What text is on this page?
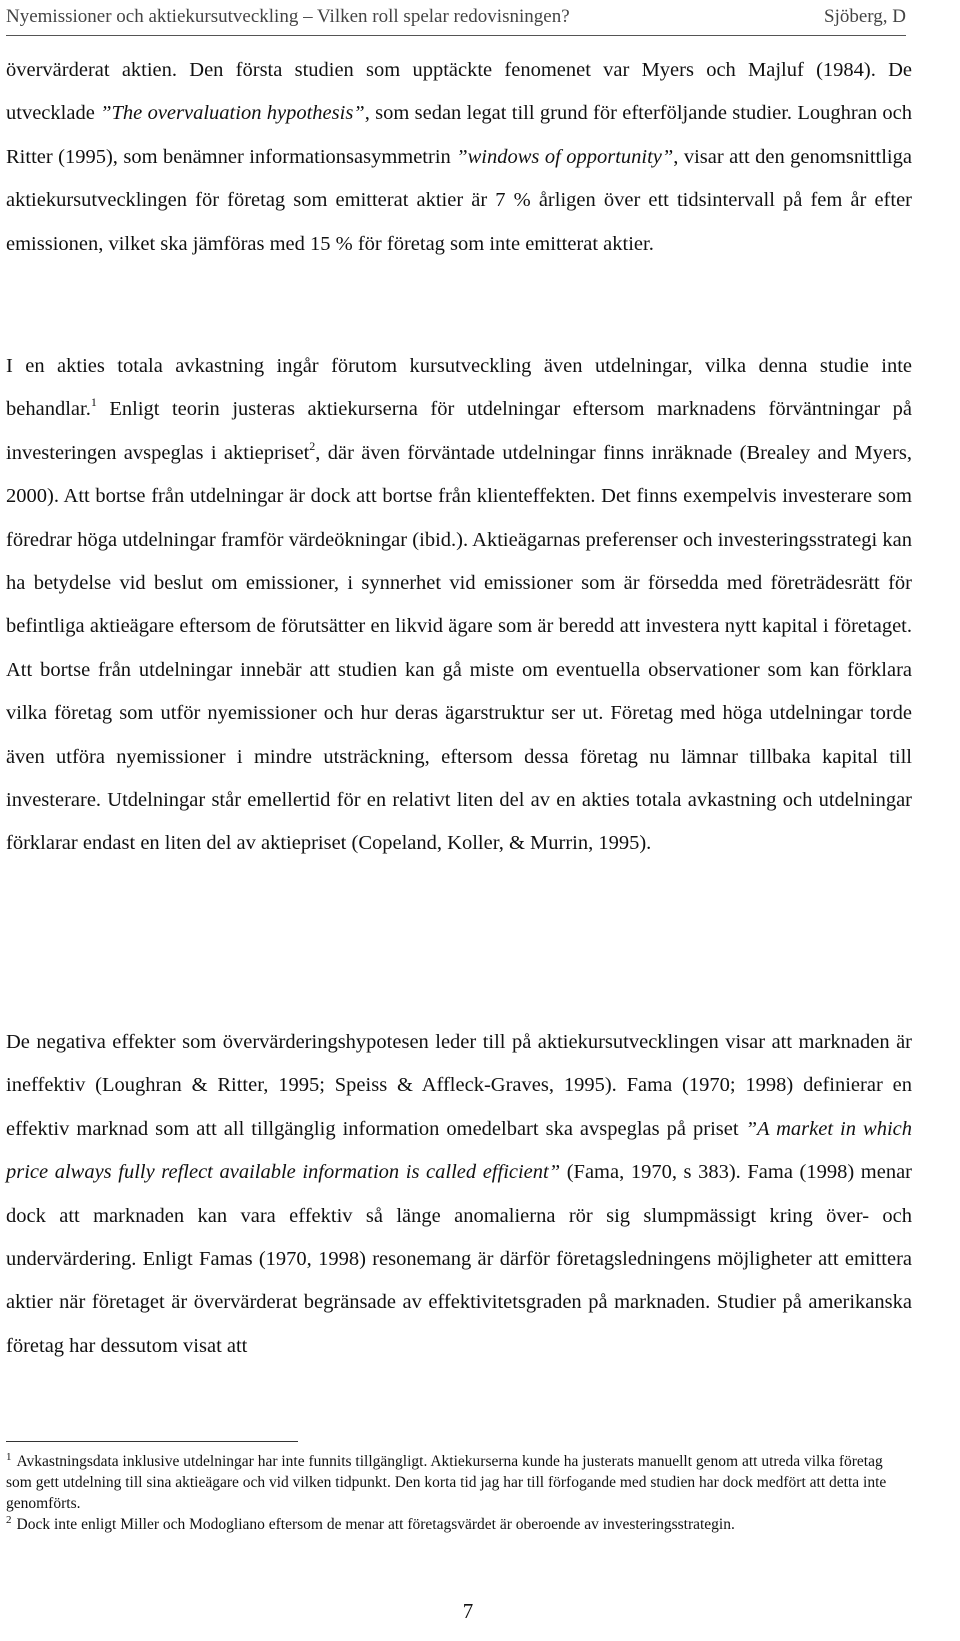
Nyemissioner och aktiekursutveckling – Vilken roll spelar redovisningen?	Sjöberg, D

övervärderat aktien. Den första studien som upptäckte fenomenet var Myers och Majluf (1984). De utvecklade ”The overvaluation hypothesis”, som sedan legat till grund för efterföljande studier. Loughran och Ritter (1995), som benämner informationsasymmetrin ”windows of opportunity”, visar att den genomsnittliga aktiekursutvecklingen för företag som emitterat aktier är 7 % årligen över ett tidsintervall på fem år efter emissionen, vilket ska jämföras med 15 % för företag som inte emitterat aktier.

I en akties totala avkastning ingår förutom kursutveckling även utdelningar, vilka denna studie inte behandlar.$^1$ Enligt teorin justeras aktiekurserna för utdelningar eftersom marknadens förväntningar på investeringen avspeglas i aktiepriset$^2$, där även förväntade utdelningar finns inräknade (Brealey and Myers, 2000). Att bortse från utdelningar är dock att bortse från klienteffekten. Det finns exempelvis investerare som föredrar höga utdelningar framför värdeökningar (ibid.). Aktieägarnas preferenser och investeringsstrategi kan ha betydelse vid beslut om emissioner, i synnerhet vid emissioner som är försedda med företrädesrätt för befintliga aktieägare eftersom de förutsätter en likvid ägare som är beredd att investera nytt kapital i företaget. Att bortse från utdelningar innebär att studien kan gå miste om eventuella observationer som kan förklara vilka företag som utför nyemissioner och hur deras ägarstruktur ser ut. Företag med höga utdelningar torde även utföra nyemissioner i mindre utsträckning, eftersom dessa företag nu lämnar tillbaka kapital till investerare. Utdelningar står emellertid för en relativt liten del av en akties totala avkastning och utdelningar förklarar endast en liten del av aktiepriset (Copeland, Koller, & Murrin, 1995).

De negativa effekter som övervärderingshypotesen leder till på aktiekursutvecklingen visar att marknaden är ineffektiv (Loughran & Ritter, 1995; Speiss & Affleck-Graves, 1995). Fama (1970; 1998) definierar en effektiv marknad som att all tillgänglig information omedelbart ska avspeglas på priset ”A market in which price always fully reflect available information is called efficient” (Fama, 1970, s 383). Fama (1998) menar dock att marknaden kan vara effektiv så länge anomalierna rör sig slumpmässigt kring över- och undervärdering. Enligt Famas (1970, 1998) resonemang är därför företagsledningens möjligheter att emittera aktier när företaget är övervärderat begränsade av effektivitetsgraden på marknaden. Studier på amerikanska företag har dessutom visat att

$^1$ Avkastningsdata inklusive utdelningar har inte funnits tillgängligt. Aktiekurserna kunde ha justerats manuellt genom att utreda vilka företag som gett utdelning till sina aktieägare och vid vilken tidpunkt. Den korta tid jag har till förfogande med studien har dock medfört att detta inte genomförts.

$^2$ Dock inte enligt Miller och Modogliano eftersom de menar att företagsvärdet är oberoende av investeringsstrategin.

7
